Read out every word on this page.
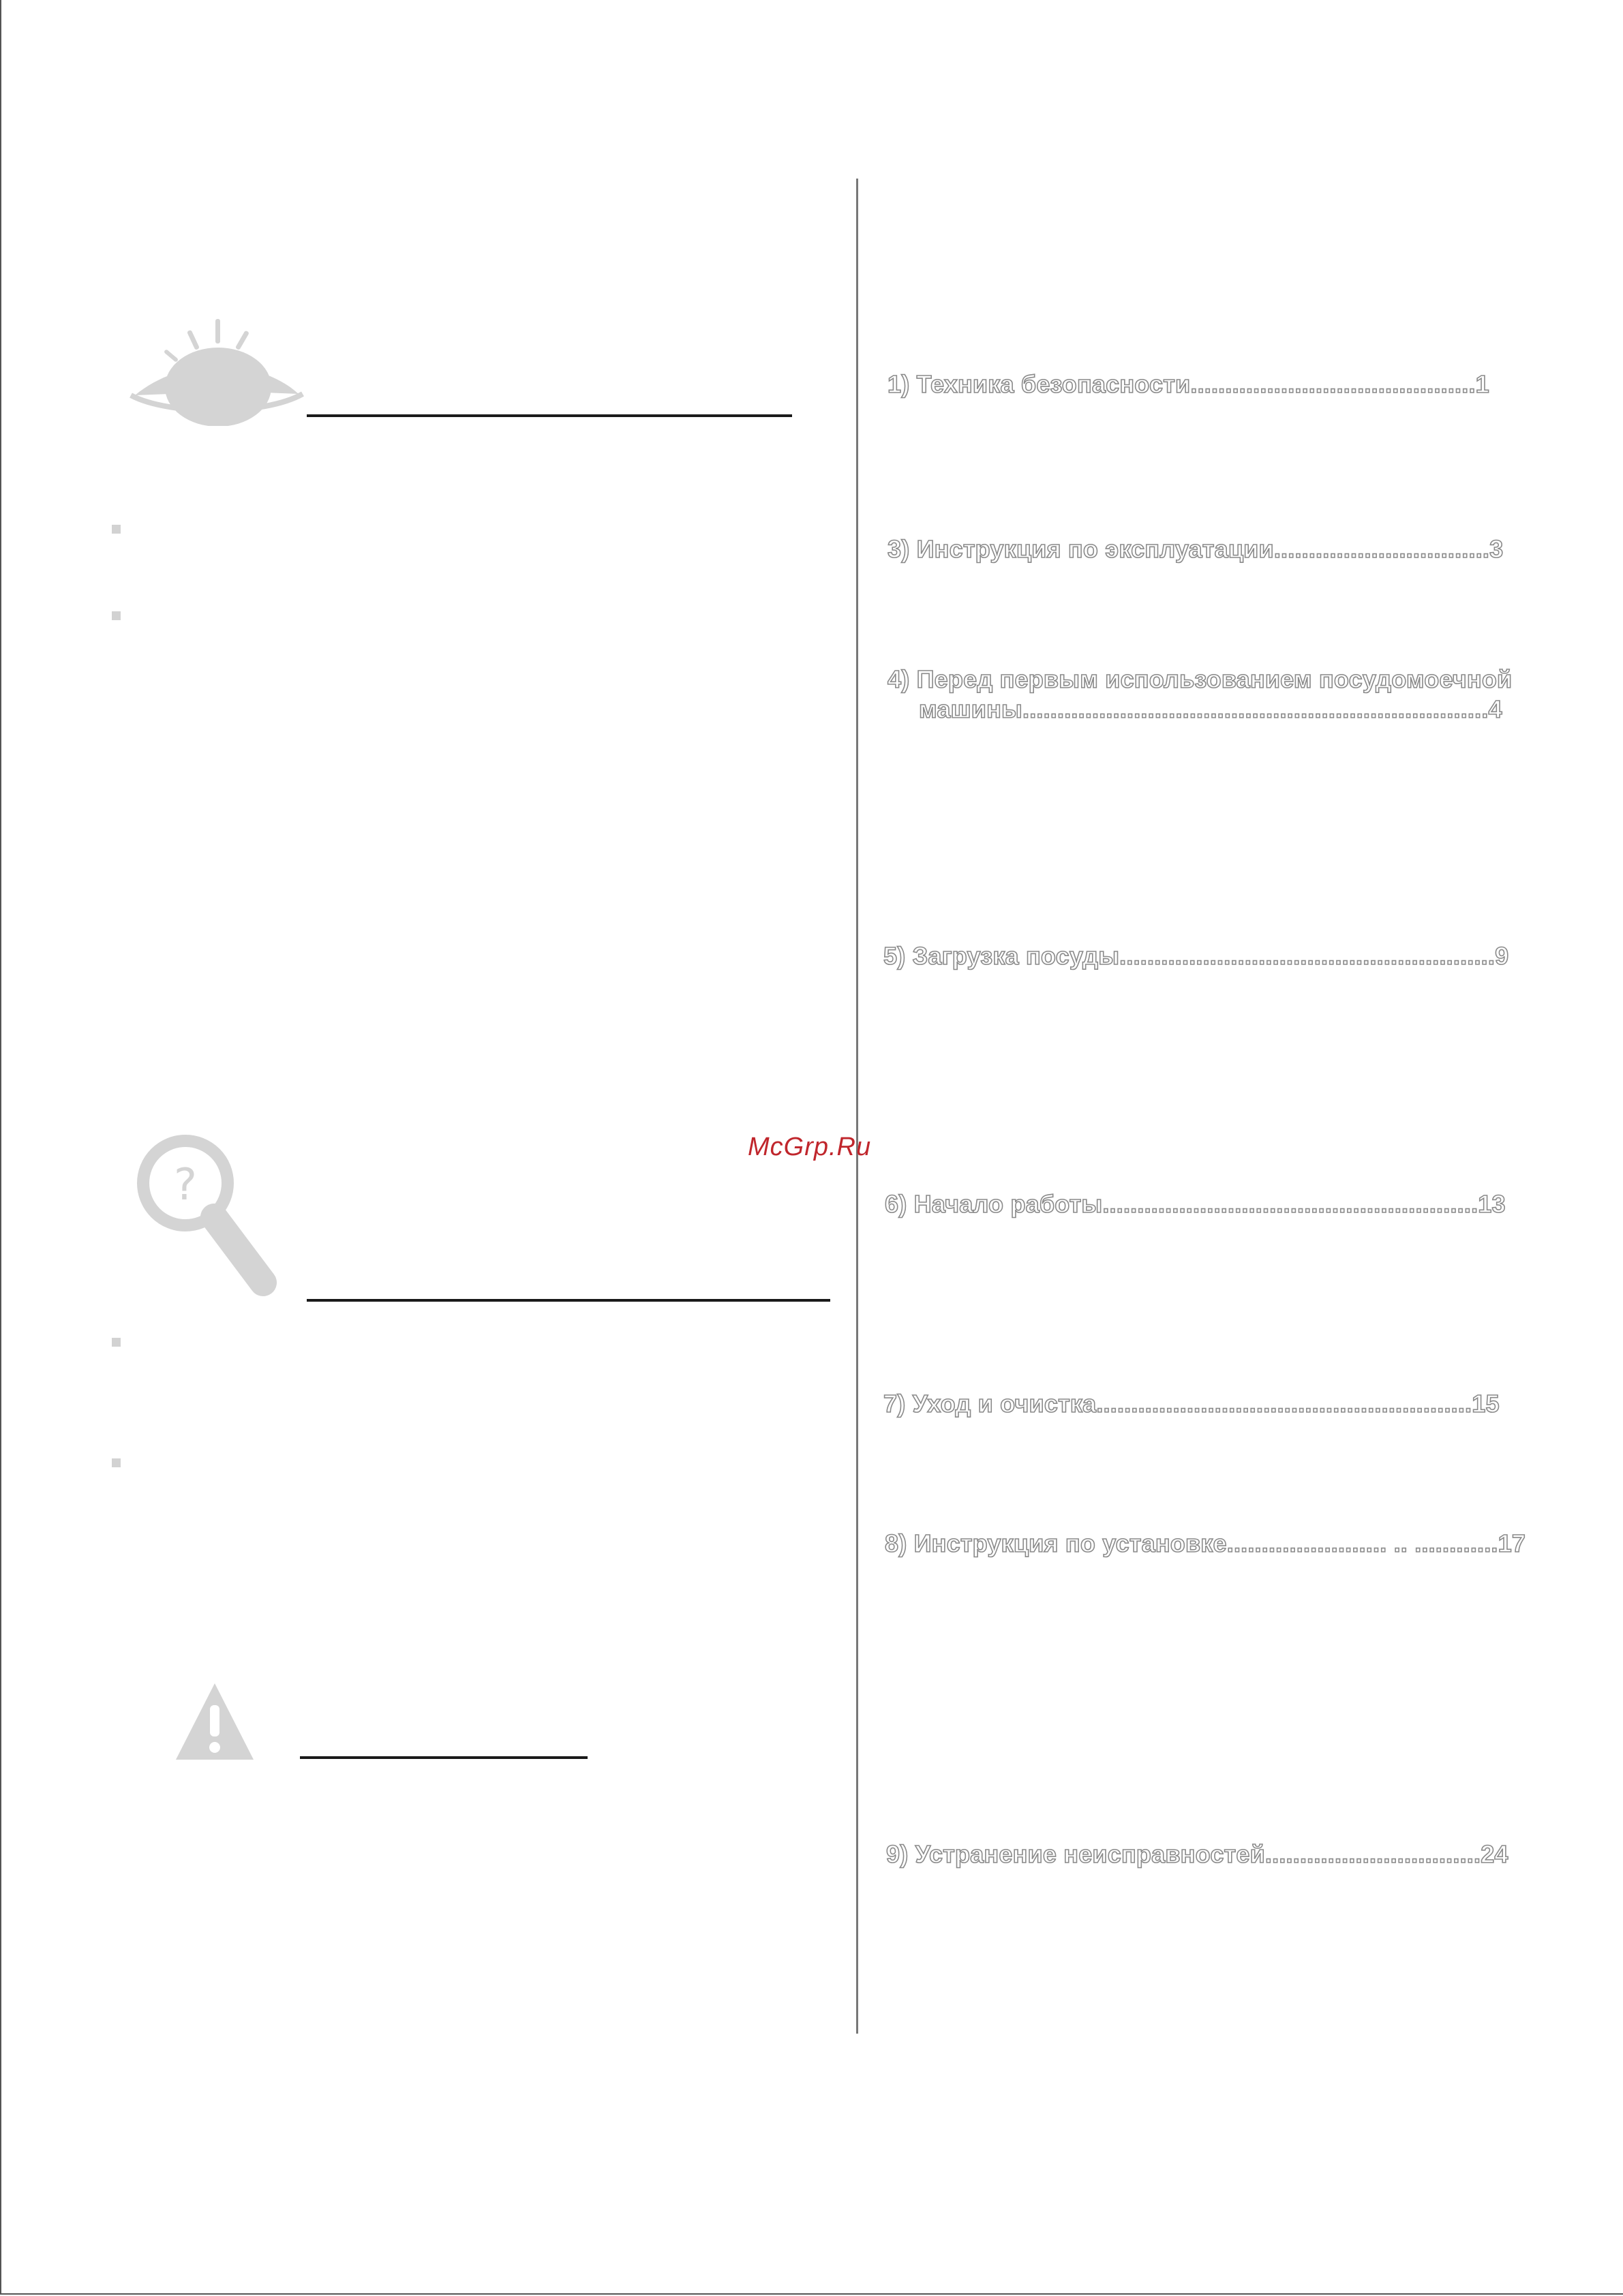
?
McGrp.Ru
1) Техника безопасности.........................................1
3) Инструкция по эксплуатации...............................3
4) Перед первым использованием посудомоечной
машины...................................................................4
5) Загрузка посуды......................................................9
6) Начало работы......................................................13
7) Уход и очистка......................................................15
8) Инструкция по установке....................... .. ............17
9) Устранение неисправностей...............................24
